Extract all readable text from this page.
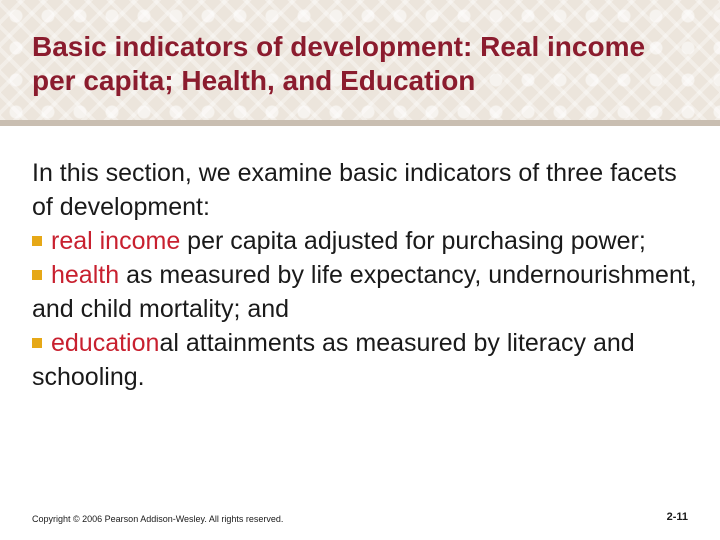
Basic indicators of development: Real income per capita; Health, and Education
In this section, we examine basic indicators of three facets of development:
real income per capita adjusted for purchasing power;
health as measured by life expectancy, undernourishment, and child mortality; and
educational attainments as measured by literacy and schooling.
Copyright © 2006 Pearson Addison-Wesley. All rights reserved.	2-11
